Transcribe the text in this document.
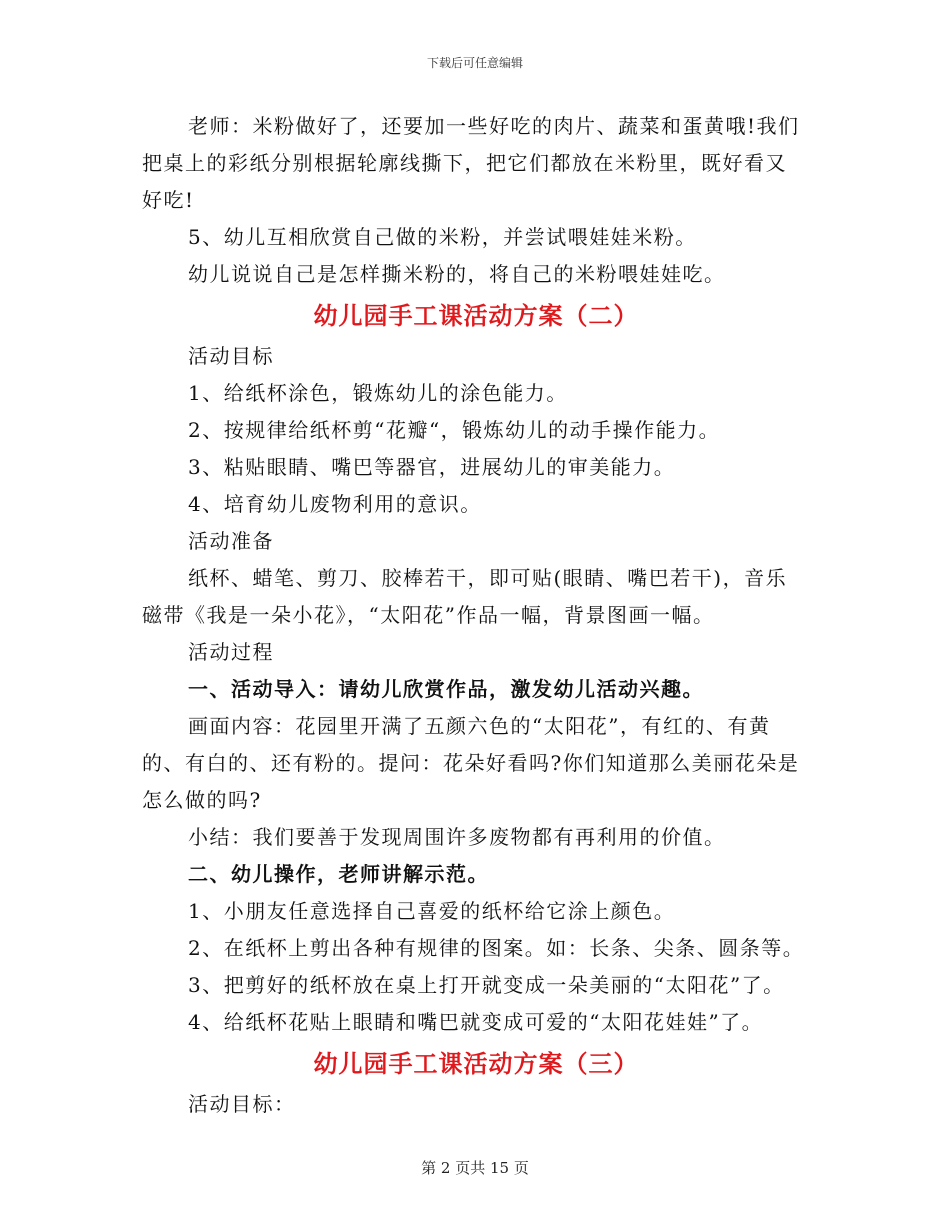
下载后可任意编辑
老师：米粉做好了，还要加一些好吃的肉片、蔬菜和蛋黄哦!我们
把桌上的彩纸分别根据轮廓线撕下，把它们都放在米粉里，既好看又
好吃!
5、幼儿互相欣赏自己做的米粉，并尝试喂娃娃米粉。
幼儿说说自己是怎样撕米粉的，将自己的米粉喂娃娃吃。
幼儿园手工课活动方案（二）
活动目标
1、给纸杯涂色，锻炼幼儿的涂色能力。
2、按规律给纸杯剪“花瓣“，锻炼幼儿的动手操作能力。
3、粘贴眼睛、嘴巴等器官，进展幼儿的审美能力。
4、培育幼儿废物利用的意识。
活动准备
纸杯、蜡笔、剪刀、胶棒若干，即可贴(眼睛、嘴巴若干)，音乐
磁带《我是一朵小花》，“太阳花”作品一幅，背景图画一幅。
活动过程
一、活动导入：请幼儿欣赏作品，激发幼儿活动兴趣。
画面内容：花园里开满了五颜六色的“太阳花”，有红的、有黄
的、有白的、还有粉的。提问：花朵好看吗?你们知道那么美丽花朵是
怎么做的吗?
小结：我们要善于发现周围许多废物都有再利用的价值。
二、幼儿操作，老师讲解示范。
1、小朋友任意选择自己喜爱的纸杯给它涂上颜色。
2、在纸杯上剪出各种有规律的图案。如：长条、尖条、圆条等。
3、把剪好的纸杯放在桌上打开就变成一朵美丽的“太阳花”了。
4、给纸杯花贴上眼睛和嘴巴就变成可爱的“太阳花娃娃”了。
幼儿园手工课活动方案（三）
活动目标：
第 2 页共 15 页
